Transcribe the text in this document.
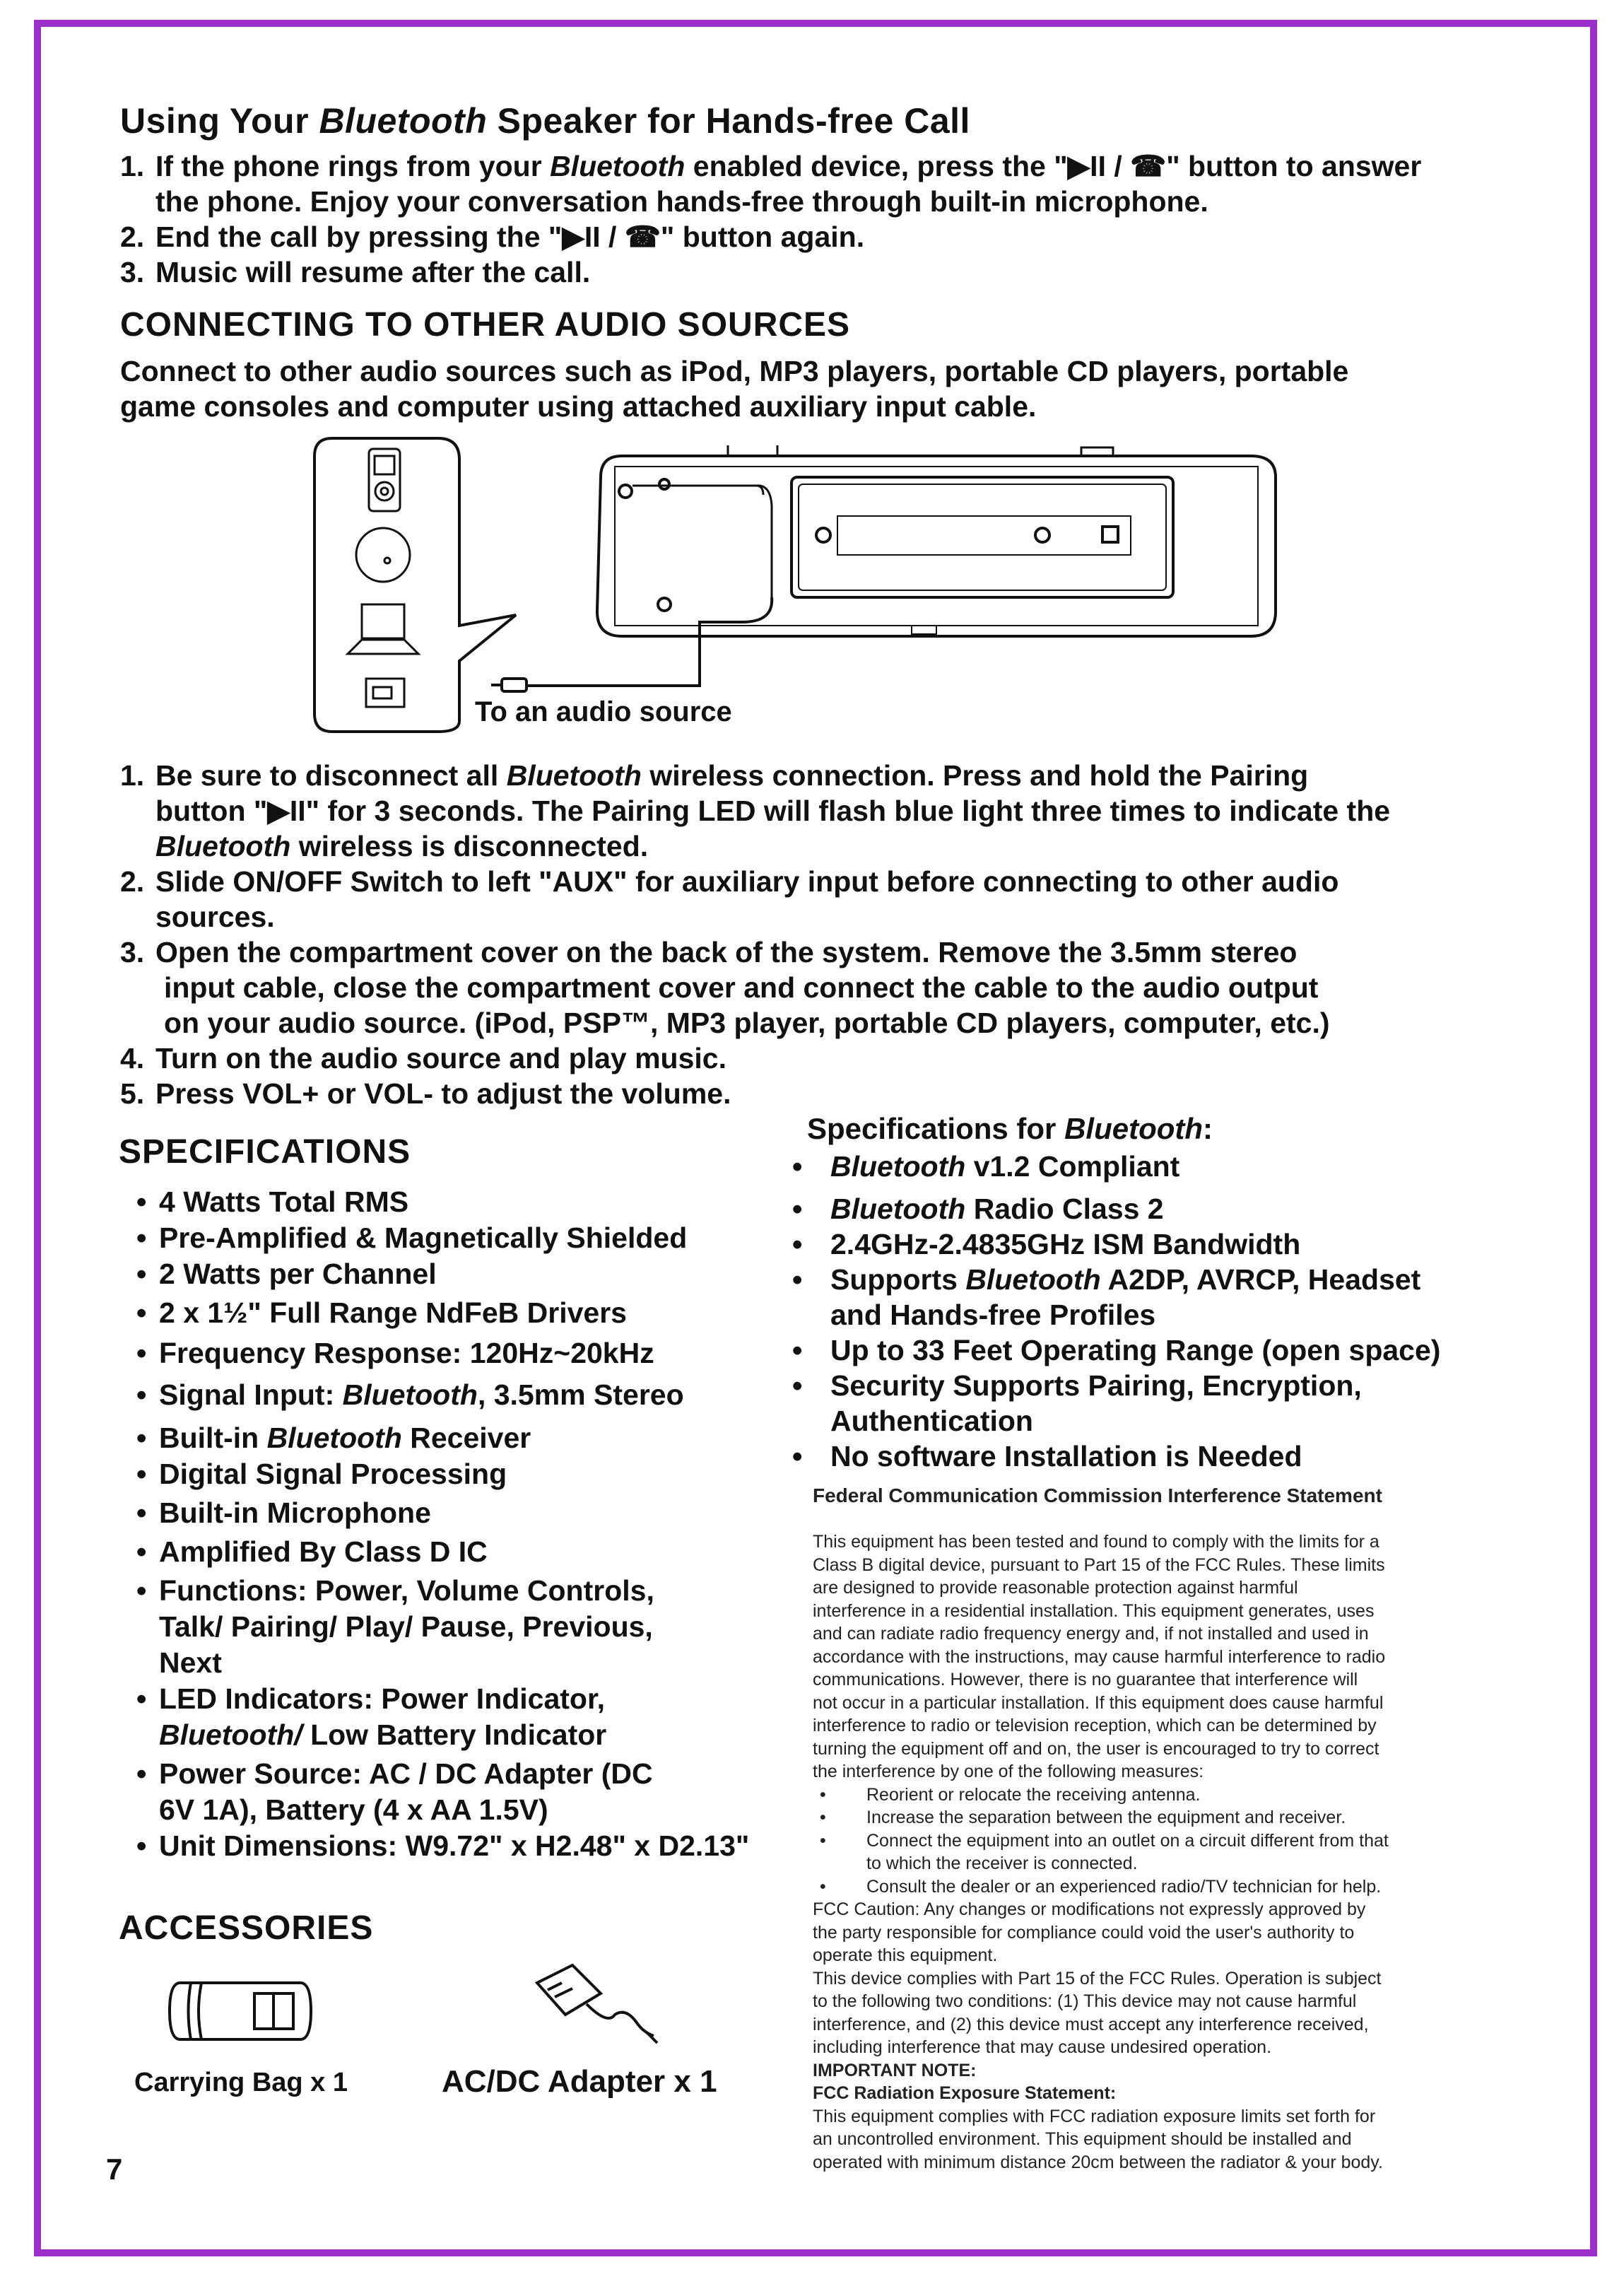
Using Your Bluetooth Speaker for Hands-free Call
1. If the phone rings from your Bluetooth enabled device, press the "▶II / ☎" button to answer
the phone. Enjoy your conversation hands-free through built-in microphone.
2. End the call by pressing the "▶II / ☎" button again.
3. Music will resume after the call.
CONNECTING TO OTHER AUDIO SOURCES
Connect to other audio sources such as iPod, MP3 players, portable CD players, portable
game consoles and computer using attached auxiliary input cable.
To an audio source
1. Be sure to disconnect all Bluetooth wireless connection. Press and hold the Pairing
button "▶II" for 3 seconds. The Pairing LED will flash blue light three times to indicate the
Bluetooth wireless is disconnected.
2. Slide ON/OFF Switch to left "AUX" for auxiliary input before connecting to other audio
sources.
3. Open the compartment cover on the back of the system. Remove the 3.5mm stereo
input cable, close the compartment cover and connect the cable to the audio output
on your audio source. (iPod, PSP™, MP3 player, portable CD players, computer, etc.)
4. Turn on the audio source and play music.
5. Press VOL+ or VOL- to adjust the volume.
SPECIFICATIONS
• 4 Watts Total RMS
• Pre-Amplified & Magnetically Shielded
• 2 Watts per Channel
• 2 x 1½" Full Range NdFeB Drivers
• Frequency Response: 120Hz~20kHz
• Signal Input: Bluetooth, 3.5mm Stereo
• Built-in Bluetooth Receiver
• Digital Signal Processing
• Built-in Microphone
• Amplified By Class D IC
• Functions: Power, Volume Controls,
Talk/ Pairing/ Play/ Pause, Previous,
Next
• LED Indicators: Power Indicator,
Bluetooth/ Low Battery Indicator
• Power Source: AC / DC Adapter (DC
6V 1A), Battery (4 x AA 1.5V)
• Unit Dimensions: W9.72" x H2.48" x D2.13"
Specifications for Bluetooth:
• Bluetooth v1.2 Compliant
• Bluetooth Radio Class 2
• 2.4GHz-2.4835GHz ISM Bandwidth
• Supports Bluetooth A2DP, AVRCP, Headset
and Hands-free Profiles
• Up to 33 Feet Operating Range (open space)
• Security Supports Pairing, Encryption,
Authentication
• No software Installation is Needed
Federal Communication Commission Interference Statement
This equipment has been tested and found to comply with the limits for a
Class B digital device, pursuant to Part 15 of the FCC Rules. These limits
are designed to provide reasonable protection against harmful
interference in a residential installation. This equipment generates, uses
and can radiate radio frequency energy and, if not installed and used in
accordance with the instructions, may cause harmful interference to radio
communications. However, there is no guarantee that interference will
not occur in a particular installation. If this equipment does cause harmful
interference to radio or television reception, which can be determined by
turning the equipment off and on, the user is encouraged to try to correct
the interference by one of the following measures:
• Reorient or relocate the receiving antenna.
• Increase the separation between the equipment and receiver.
• Connect the equipment into an outlet on a circuit different from that
to which the receiver is connected.
• Consult the dealer or an experienced radio/TV technician for help.
FCC Caution: Any changes or modifications not expressly approved by
the party responsible for compliance could void the user's authority to
operate this equipment.
This device complies with Part 15 of the FCC Rules. Operation is subject
to the following two conditions: (1) This device may not cause harmful
interference, and (2) this device must accept any interference received,
including interference that may cause undesired operation.
IMPORTANT NOTE:
FCC Radiation Exposure Statement:
This equipment complies with FCC radiation exposure limits set forth for
an uncontrolled environment. This equipment should be installed and
operated with minimum distance 20cm between the radiator & your body.
ACCESSORIES
Carrying Bag x 1	AC/DC Adapter x 1
7
